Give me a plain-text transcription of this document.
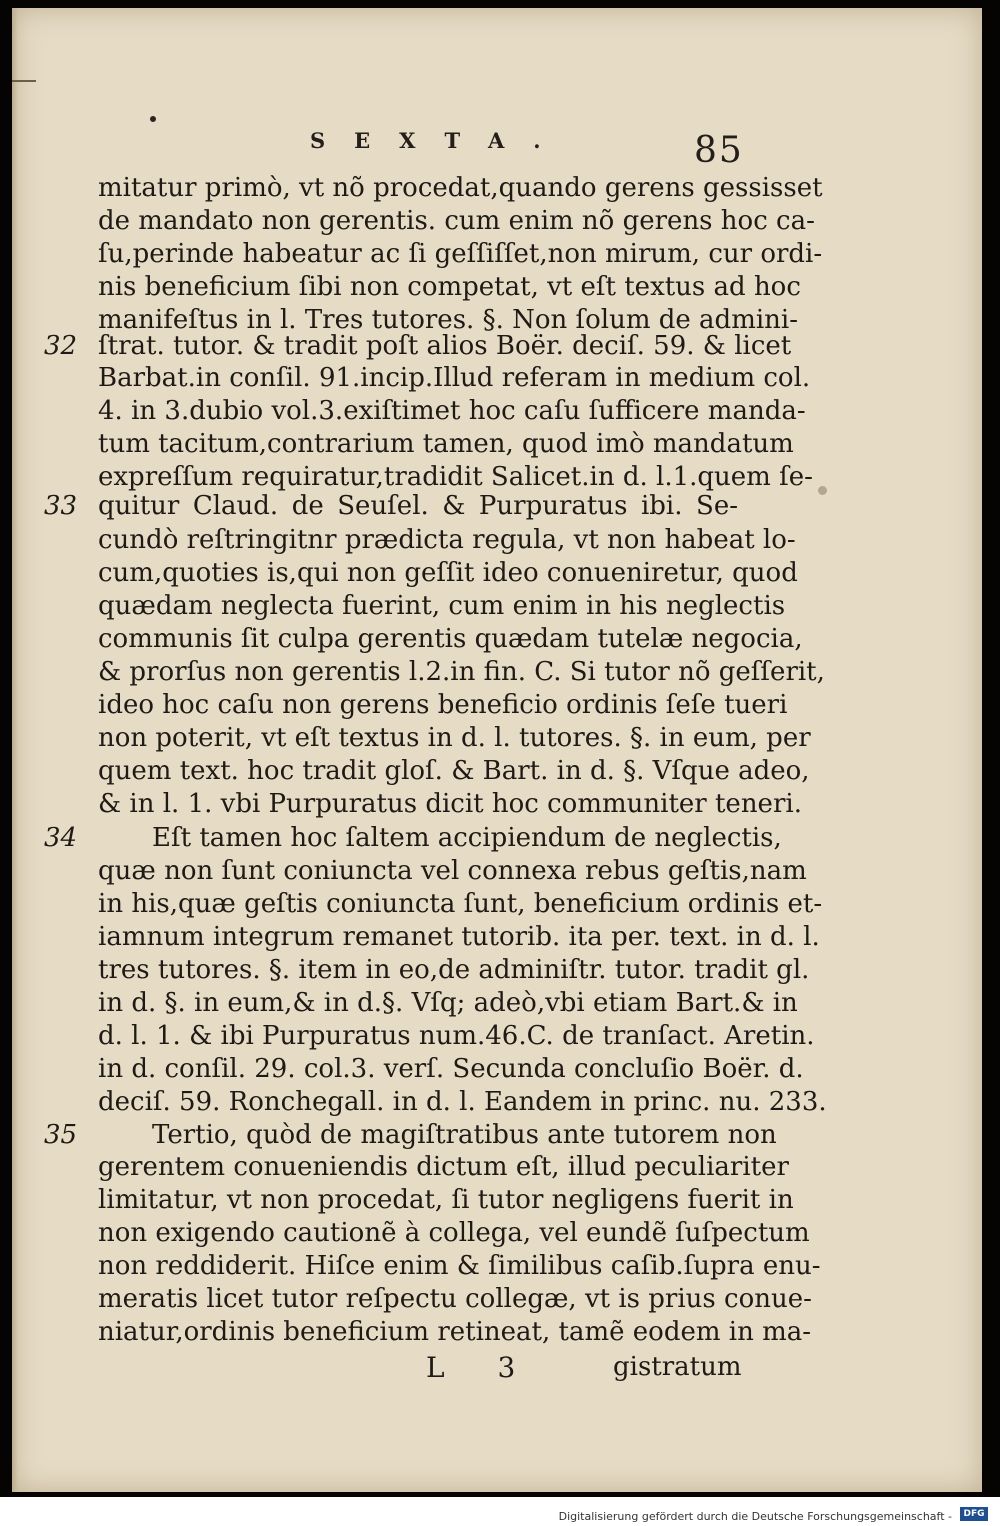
SEXTA.	85
mitatur primò, vt nõ procedat,quando gerens gessisset
de mandato non gerentis. cum enim nõ gerens hoc ca-
ſu,perinde habeatur ac ſi geſſiſſet,non mirum, cur ordi-
nis beneficium ſibi non competat, vt eſt textus ad hoc
manifeſtus in l. Tres tutores. §. Non ſolum de admini-
32 ſtrat. tutor. & tradit poſt alios Boër. deciſ. 59. & licet
Barbat.in conſil. 91.incip.Illud referam in medium col.
4. in 3.dubio vol.3.exiſtimet hoc caſu ſufficere manda-
tum tacitum,contrarium tamen, quod imò mandatum
expreſſum requiratur,tradidit Salicet.in d. l.1.quem ſe-
33 quitur Claud. de Seuſel. & Purpuratus ibi. Se-
cundò reſtringitnr prædicta regula, vt non habeat lo-
cum,quoties is,qui non geſſit ideo conueniretur, quod
quædam neglecta fuerint, cum enim in his neglectis
communis ſit culpa gerentis quædam tutelæ negocia,
& prorſus non gerentis l.2.in fin. C. Si tutor nõ geſſerit,
ideo hoc caſu non gerens beneficio ordinis ſeſe tueri
non poterit, vt eſt textus in d. l. tutores. §. in eum, per
quem text. hoc tradit gloſ. & Bart. in d. §. Vſque adeo,
& in l. 1. vbi Purpuratus dicit hoc communiter teneri.
34	Eſt tamen hoc ſaltem accipiendum de neglectis,
quæ non ſunt coniuncta vel connexa rebus geſtis,nam
in his,quæ geſtis coniuncta ſunt, beneficium ordinis et-
iamnum integrum remanet tutorib. ita per. text. in d. l.
tres tutores. §. item in eo,de adminiſtr. tutor. tradit gl.
in d. §. in eum,& in d.§. Vſq; adeò,vbi etiam Bart.& in
d. l. 1. & ibi Purpuratus num.46.C. de tranſact. Aretin.
in d. conſil. 29. col.3. verſ. Secunda concluſio Boër. d.
deciſ. 59. Ronchegall. in d. l. Eandem in princ. nu. 233.
35	Tertio, quòd de magiſtratibus ante tutorem non
gerentem conueniendis dictum eſt, illud peculiariter
limitatur, vt non procedat, ſi tutor negligens fuerit in
non exigendo cautionẽ à collega, vel eundẽ ſuſpectum
non reddiderit. Hiſce enim & ſimilibus caſib.ſupra enu-
meratis licet tutor reſpectu collegæ, vt is prius conue-
niatur,ordinis beneficium retineat, tamẽ eodem in ma-
L 3	gistratum
Digitalisierung gefördert durch die Deutsche Forschungsgemeinschaft -	DFG
